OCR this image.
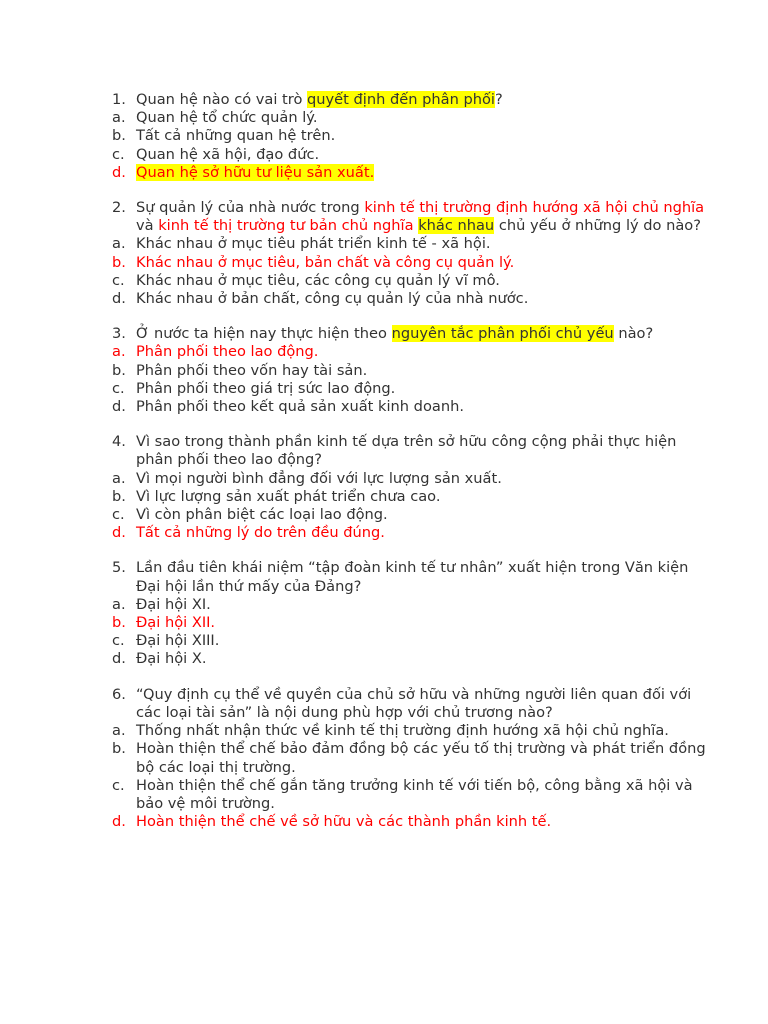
1. Quan hệ nào có vai trò quyết định đến phân phối?
a. Quan hệ tổ chức quản lý.
b. Tất cả những quan hệ trên.
c. Quan hệ xã hội, đạo đức.
d. Quan hệ sở hữu tư liệu sản xuất.
2. Sự quản lý của nhà nước trong kinh tế thị trường định hướng xã hội chủ nghĩa và kinh tế thị trường tư bản chủ nghĩa khác nhau chủ yếu ở những lý do nào?
a. Khác nhau ở mục tiêu phát triển kinh tế - xã hội.
b. Khác nhau ở mục tiêu, bản chất và công cụ quản lý.
c. Khác nhau ở mục tiêu, các công cụ quản lý vĩ mô.
d. Khác nhau ở bản chất, công cụ quản lý của nhà nước.
3. Ở nước ta hiện nay thực hiện theo nguyên tắc phân phối chủ yếu nào?
a. Phân phối theo lao động.
b. Phân phối theo vốn hay tài sản.
c. Phân phối theo giá trị sức lao động.
d. Phân phối theo kết quả sản xuất kinh doanh.
4. Vì sao trong thành phần kinh tế dựa trên sở hữu công cộng phải thực hiện phân phối theo lao động?
a. Vì mọi người bình đẳng đối với lực lượng sản xuất.
b. Vì lực lượng sản xuất phát triển chưa cao.
c. Vì còn phân biệt các loại lao động.
d. Tất cả những lý do trên đều đúng.
5. Lần đầu tiên khái niệm “tập đoàn kinh tế tư nhân” xuất hiện trong Văn kiện Đại hội lần thứ mấy của Đảng?
a. Đại hội XI.
b. Đại hội XII.
c. Đại hội XIII.
d. Đại hội X.
6. “Quy định cụ thể về quyền của chủ sở hữu và những người liên quan đối với các loại tài sản” là nội dung phù hợp với chủ trương nào?
a. Thống nhất nhận thức về kinh tế thị trường định hướng xã hội chủ nghĩa.
b. Hoàn thiện thể chế bảo đảm đồng bộ các yếu tố thị trường và phát triển đồng bộ các loại thị trường.
c. Hoàn thiện thể chế gắn tăng trưởng kinh tế với tiến bộ, công bằng xã hội và bảo vệ môi trường.
d. Hoàn thiện thể chế về sở hữu và các thành phần kinh tế.
